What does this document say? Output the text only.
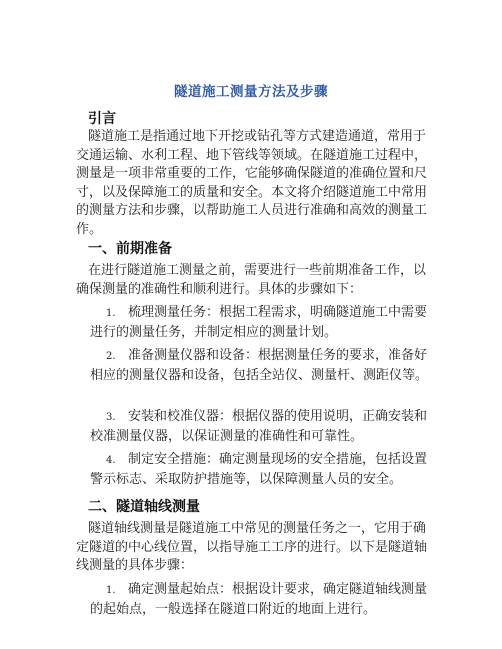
隧道施工测量方法及步骤
引言
隧道施工是指通过地下开挖或钻孔等方式建造通道，常用于交通运输、水利工程、地下管线等领域。在隧道施工过程中，测量是一项非常重要的工作，它能够确保隧道的准确位置和尺寸，以及保障施工的质量和安全。本文将介绍隧道施工中常用的测量方法和步骤，以帮助施工人员进行准确和高效的测量工作。
一、前期准备
在进行隧道施工测量之前，需要进行一些前期准备工作，以确保测量的准确性和顺利进行。具体的步骤如下：
1. 梳理测量任务：根据工程需求，明确隧道施工中需要进行的测量任务，并制定相应的测量计划。
2. 准备测量仪器和设备：根据测量任务的要求，准备好相应的测量仪器和设备，包括全站仪、测量杆、测距仪等。
3. 安装和校准仪器：根据仪器的使用说明，正确安装和校准测量仪器，以保证测量的准确性和可靠性。
4. 制定安全措施：确定测量现场的安全措施，包括设置警示标志、采取防护措施等，以保障测量人员的安全。
二、隧道轴线测量
隧道轴线测量是隧道施工中常见的测量任务之一，它用于确定隧道的中心线位置，以指导施工工序的进行。以下是隧道轴线测量的具体步骤：
1. 确定测量起始点：根据设计要求，确定隧道轴线测量的起始点，一般选择在隧道口附近的地面上进行。
